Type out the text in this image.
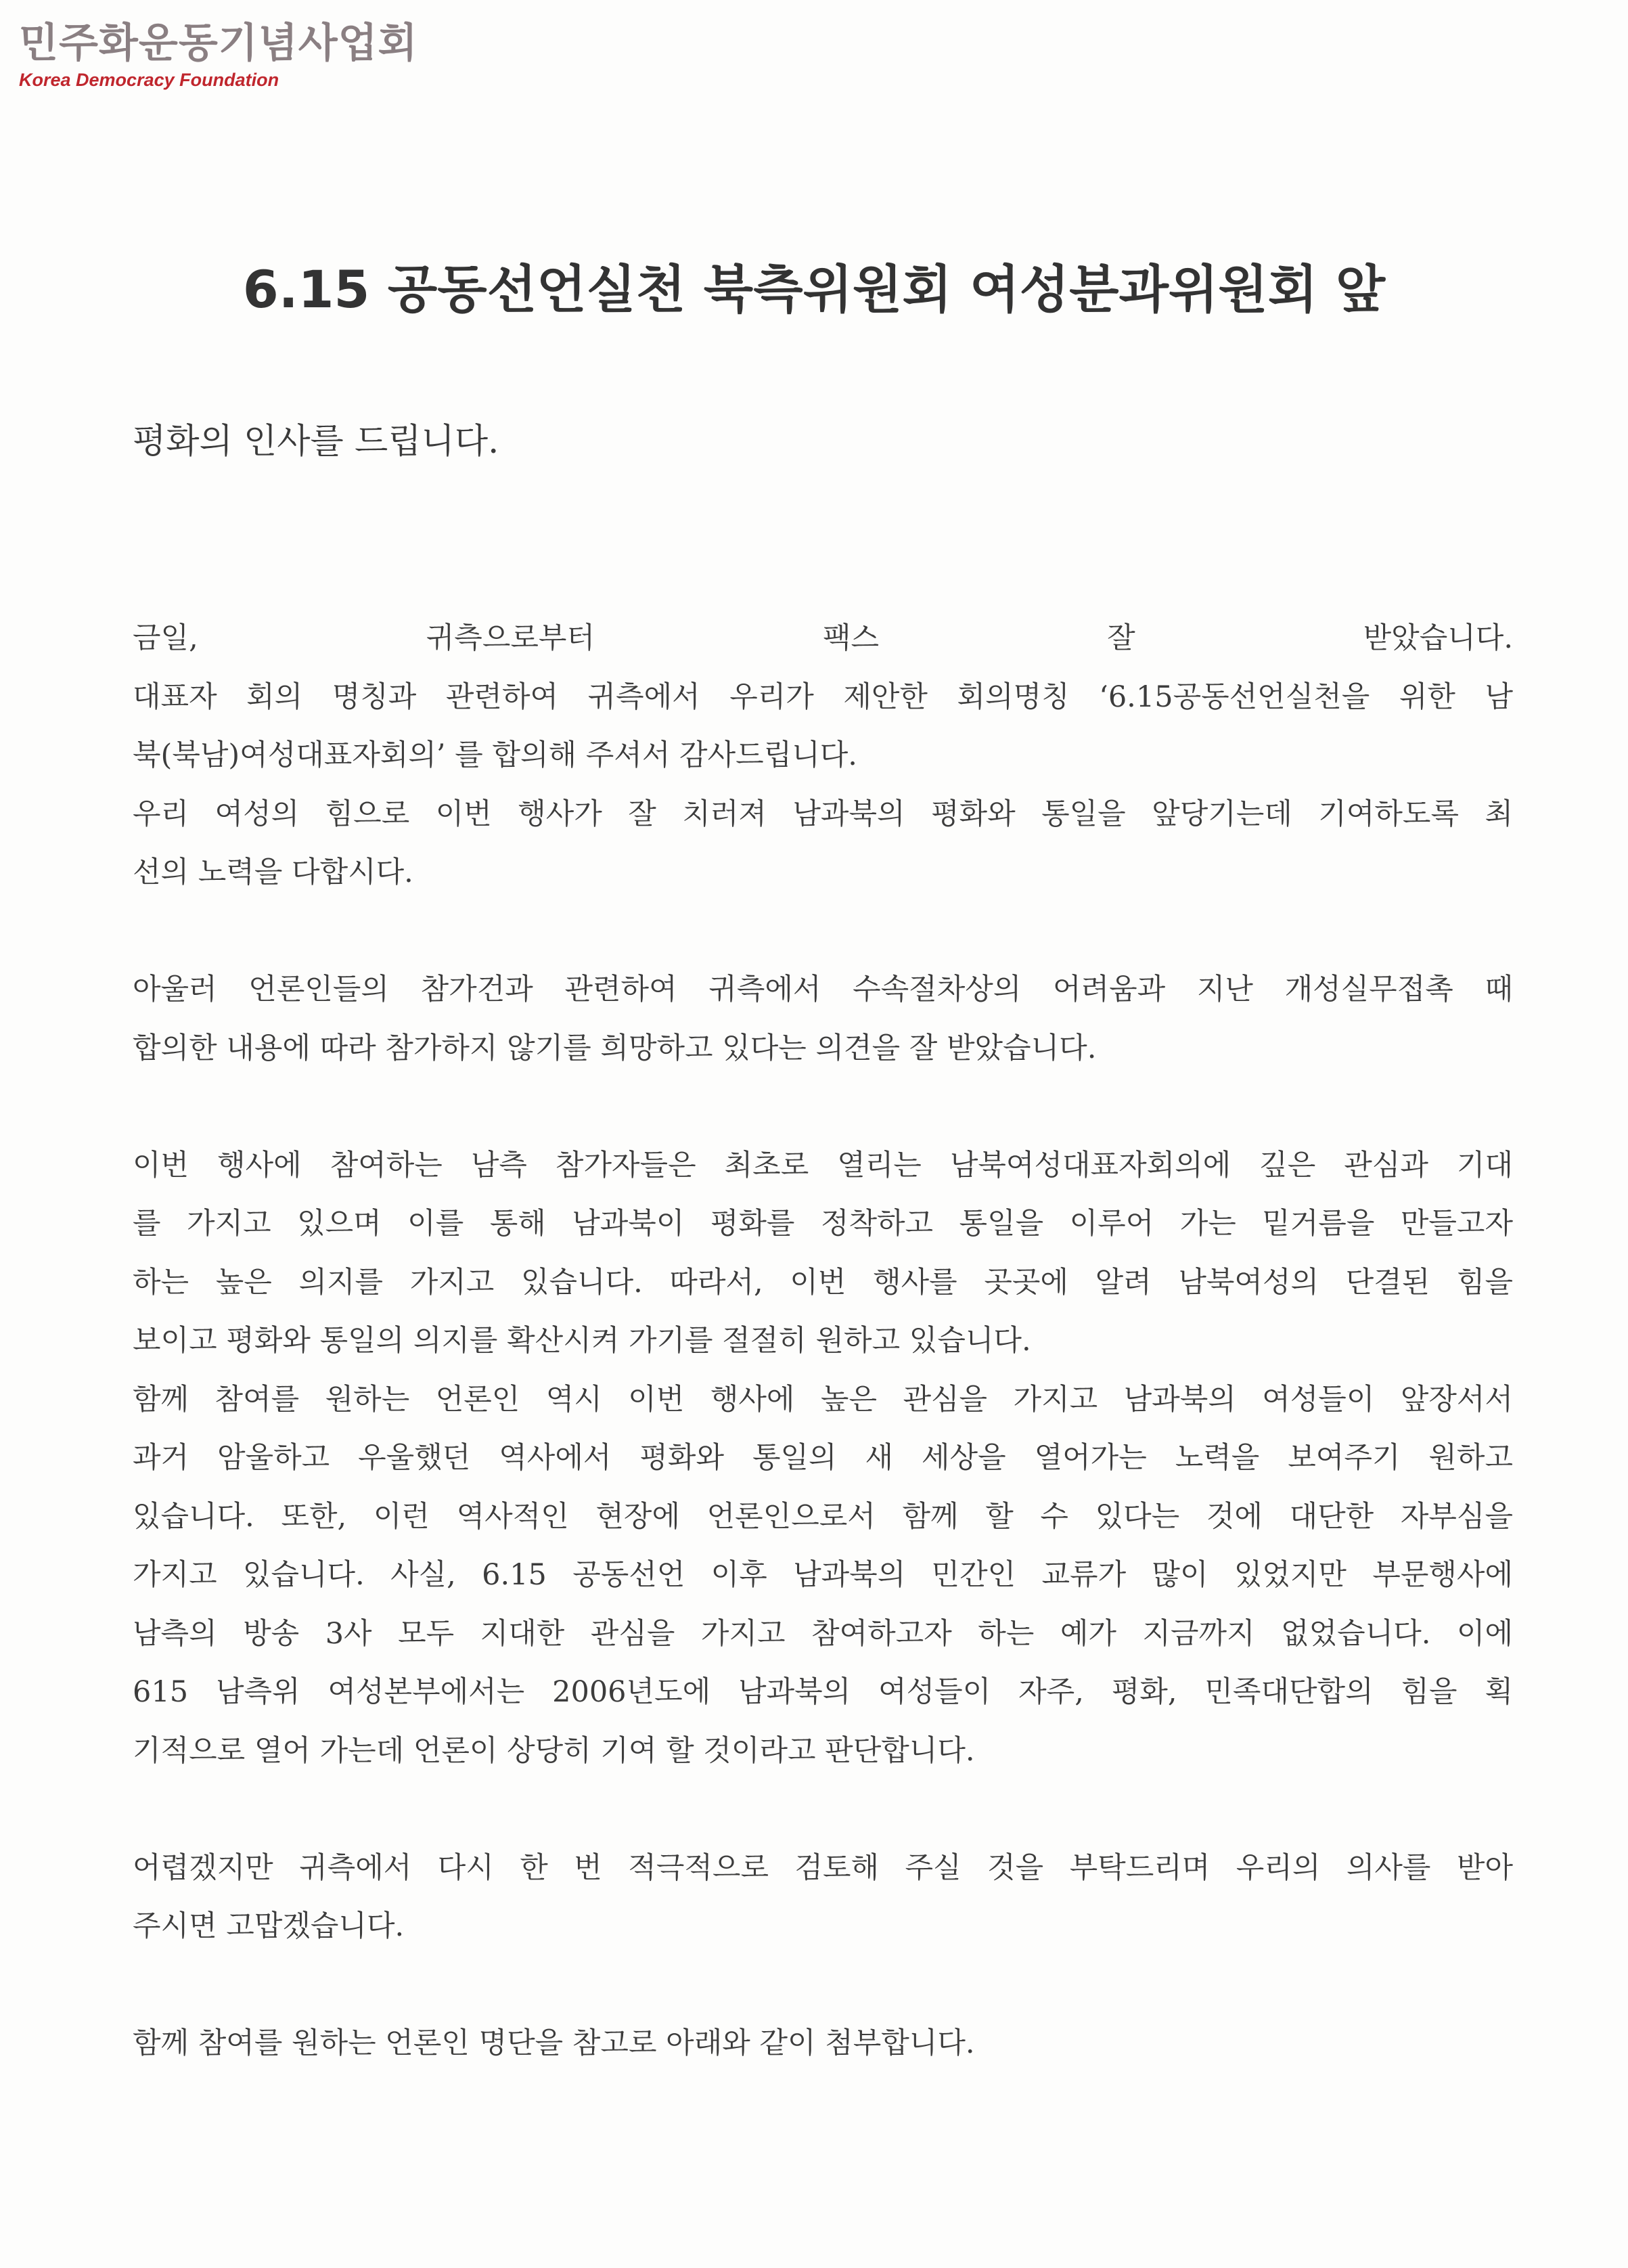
민주화운동기념사업회
Korea Democracy Foundation
6.15 공동선언실천 북측위원회 여성분과위원회 앞
평화의 인사를 드립니다.

금일, 귀측으로부터 팩스 잘 받았습니다.
대표자 회의 명칭과 관련하여 귀측에서 우리가 제안한 회의명칭 ‘6.15공동선언실천을 위한 남
북(북남)여성대표자회의’ 를 합의해 주셔서 감사드립니다.
우리 여성의 힘으로 이번 행사가 잘 치러져 남과북의 평화와 통일을 앞당기는데 기여하도록 최
선의 노력을 다합시다.

아울러 언론인들의 참가건과 관련하여 귀측에서 수속절차상의 어려움과 지난 개성실무접촉 때
합의한 내용에 따라 참가하지 않기를 희망하고 있다는 의견을 잘 받았습니다.

이번 행사에 참여하는 남측 참가자들은 최초로 열리는 남북여성대표자회의에 깊은 관심과 기대
를 가지고 있으며 이를 통해 남과북이 평화를 정착하고 통일을 이루어 가는 밑거름을 만들고자
하는 높은 의지를 가지고 있습니다. 따라서, 이번 행사를 곳곳에 알려 남북여성의 단결된 힘을
보이고 평화와 통일의 의지를 확산시켜 가기를 절절히 원하고 있습니다.
함께 참여를 원하는 언론인 역시 이번 행사에 높은 관심을 가지고 남과북의 여성들이 앞장서서
과거 암울하고 우울했던 역사에서 평화와 통일의 새 세상을 열어가는 노력을 보여주기 원하고
있습니다. 또한, 이런 역사적인 현장에 언론인으로서 함께 할 수 있다는 것에 대단한 자부심을
가지고 있습니다. 사실, 6.15 공동선언 이후 남과북의 민간인 교류가 많이 있었지만 부문행사에
남측의 방송 3사 모두 지대한 관심을 가지고 참여하고자 하는 예가 지금까지 없었습니다. 이에
615 남측위 여성본부에서는 2006년도에 남과북의 여성들이 자주, 평화, 민족대단합의 힘을 획
기적으로 열어 가는데 언론이 상당히 기여 할 것이라고 판단합니다.

어렵겠지만 귀측에서 다시 한 번 적극적으로 검토해 주실 것을 부탁드리며 우리의 의사를 받아
주시면 고맙겠습니다.

함께 참여를 원하는 언론인 명단을 참고로 아래와 같이 첨부합니다.
